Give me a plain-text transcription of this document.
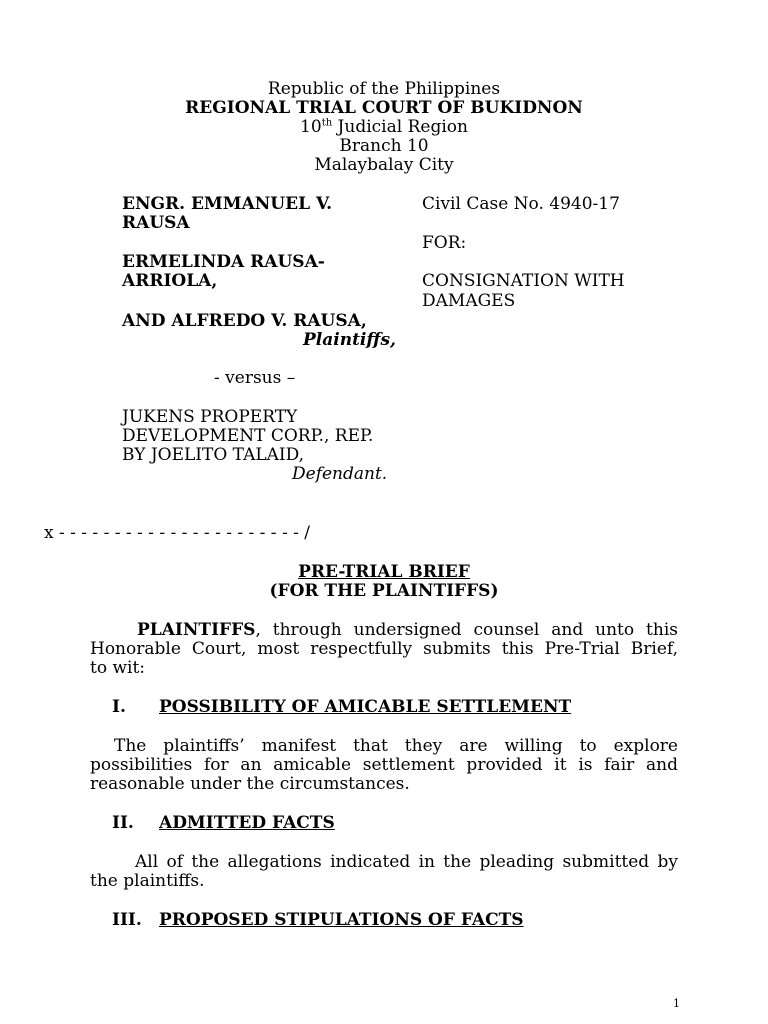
Republic of the Philippines
REGIONAL TRIAL COURT OF BUKIDNON
10th Judicial Region
Branch 10
Malaybalay City
ENGR. EMMANUEL V.
RAUSA
ERMELINDA RAUSA-
ARRIOLA,
AND ALFREDO V. RAUSA,
Plaintiffs,
- versus –
JUKENS PROPERTY
DEVELOPMENT CORP., REP.
BY JOELITO TALAID,
Defendant.
Civil Case No. 4940-17
FOR:
CONSIGNATION WITH
DAMAGES
x - - - - - - - - - - - - - - - - - - - - - - /
PRE-TRIAL BRIEF
(FOR THE PLAINTIFFS)
PLAINTIFFS, through undersigned counsel and unto this
Honorable Court, most respectfully submits this Pre-Trial Brief,
to wit:
I. POSSIBILITY OF AMICABLE SETTLEMENT
The plaintiffs’ manifest that they are willing to explore
possibilities for an amicable settlement provided it is fair and
reasonable under the circumstances.
II. ADMITTED FACTS
All of the allegations indicated in the pleading submitted by
the plaintiffs.
III. PROPOSED STIPULATIONS OF FACTS
1
